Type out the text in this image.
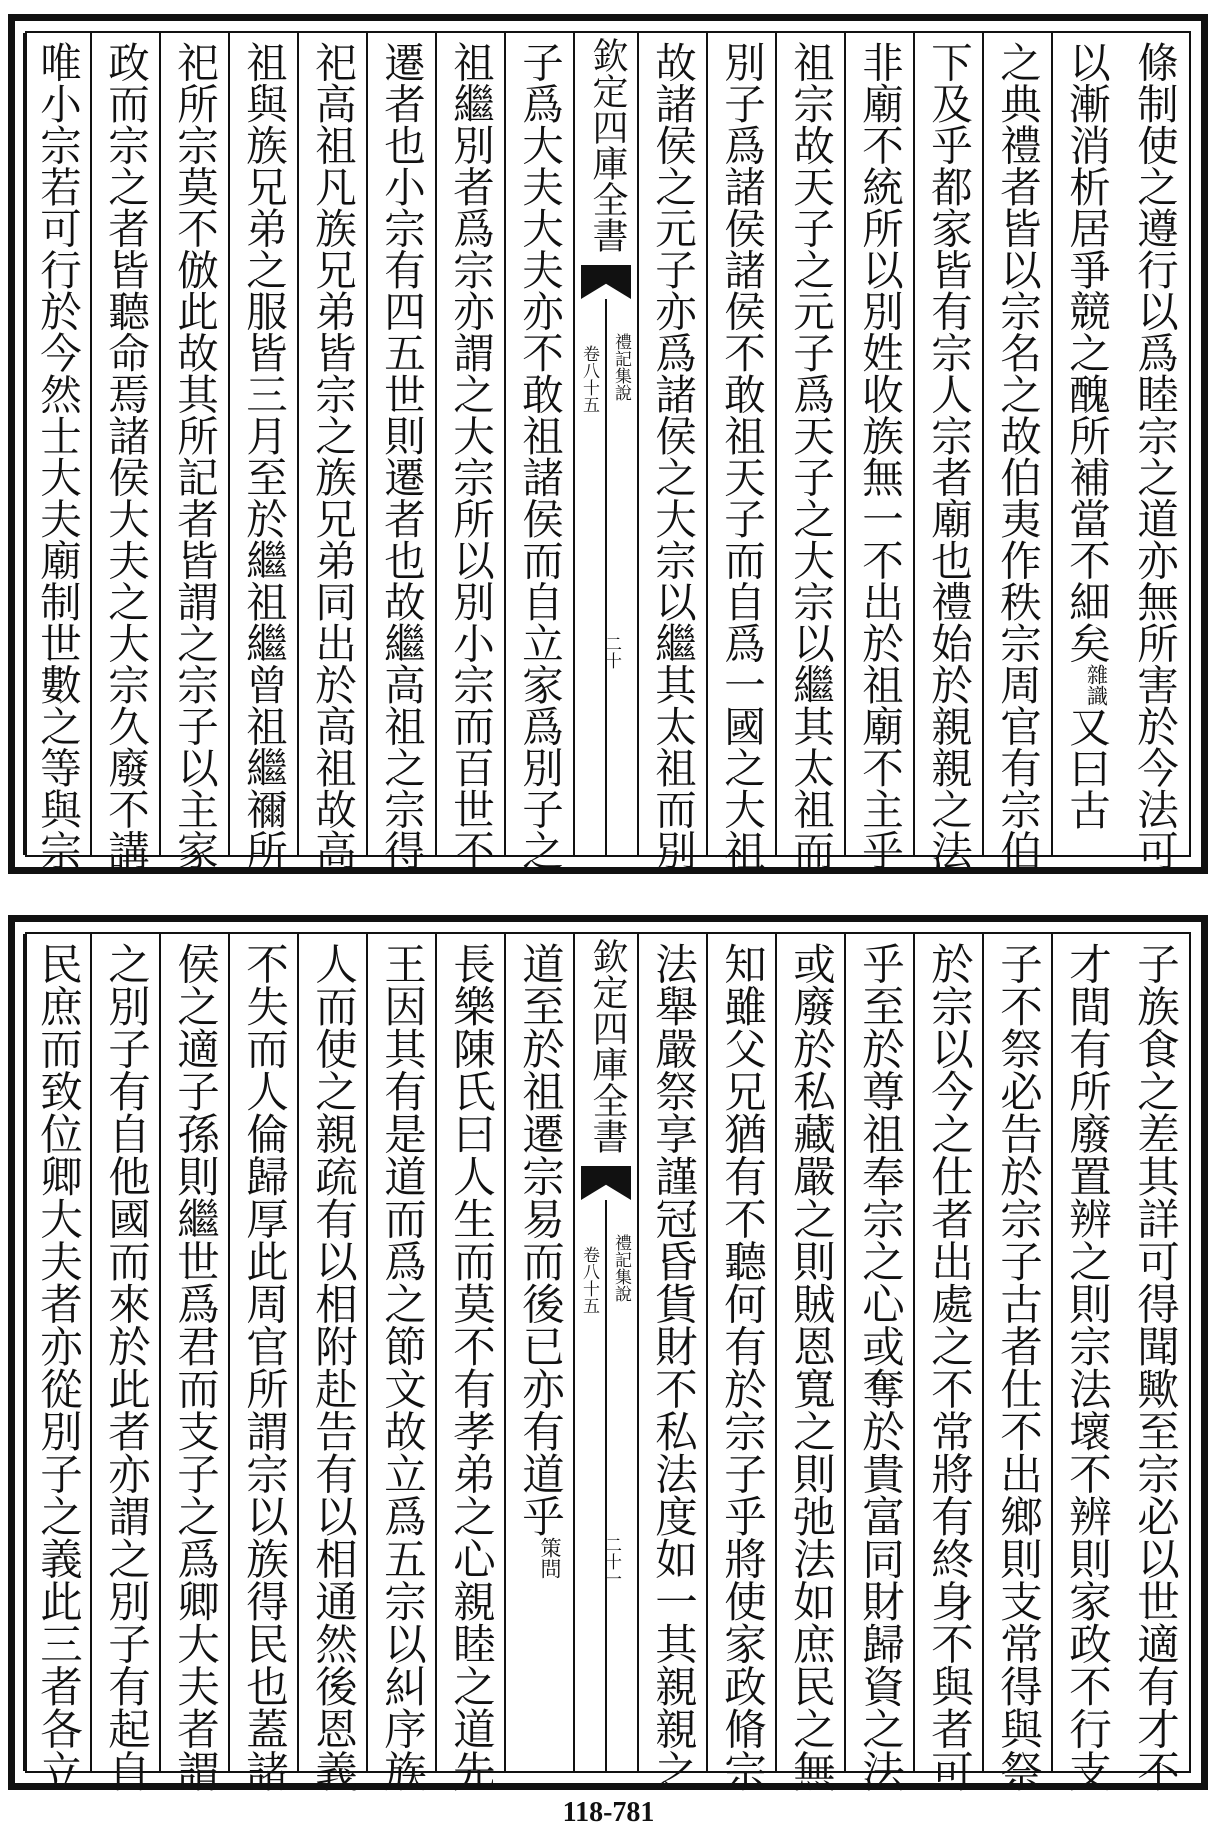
條制使之遵行以爲睦宗之道亦無所害於今法可
以漸消析居爭競之醜所補當不細矣雜識又曰古
之典禮者皆以宗名之故伯夷作秩宗周官有宗伯
下及乎都家皆有宗人宗者廟也禮始於親親之法
非廟不統所以別姓收族無一不出於祖廟不主乎
祖宗故天子之元子爲天子之大宗以繼其太祖而
別子爲諸侯諸侯不敢祖天子而自爲一國之大祖
故諸侯之元子亦爲諸侯之大宗以繼其太祖而別
欽定四庫全書
禮記集說
卷八十五
二十
子爲大夫大夫亦不敢祖諸侯而自立家爲別子之
祖繼別者爲宗亦謂之大宗所以別小宗而百世不
遷者也小宗有四五世則遷者也故繼高祖之宗得
祀高祖凡族兄弟皆宗之族兄弟同出於高祖故高
祖與族兄弟之服皆三月至於繼祖繼曾祖繼禰所
祀所宗莫不倣此故其所記者皆謂之宗子以主家
政而宗之者皆聽命焉諸侯大夫之大宗久廢不講
唯小宗若可行於今然士大夫廟制世數之等與宗
子族食之差其詳可得聞歟至宗必以世適有才不
才間有所廢置辨之則宗法壞不辨則家政不行支
子不祭必告於宗子古者仕不出鄉則支常得與祭
於宗以今之仕者出處之不常將有終身不與者可
乎至於尊祖奉宗之心或奪於貴富同財歸資之法
或廢於私藏嚴之則賊恩寬之則弛法如庶民之無
知雖父兄猶有不聽何有於宗子乎將使家政脩宗
法舉嚴祭享謹冠昏貨財不私法度如一其親親之
欽定四庫全書
禮記集說
卷八十五
二十一
道至於祖遷宗易而後已亦有道乎策問
長樂陳氏曰人生而莫不有孝弟之心親睦之道先
王因其有是道而爲之節文故立爲五宗以糾序族
人而使之親疏有以相附赴告有以相通然後恩義
不失而人倫歸厚此周官所謂宗以族得民也蓋諸
侯之適子孫則繼世爲君而支子之爲卿大夫者謂
之別子有自他國而來於此者亦謂之別子有起自
民庶而致位卿大夫者亦從別子之義此三者各立
118-781
